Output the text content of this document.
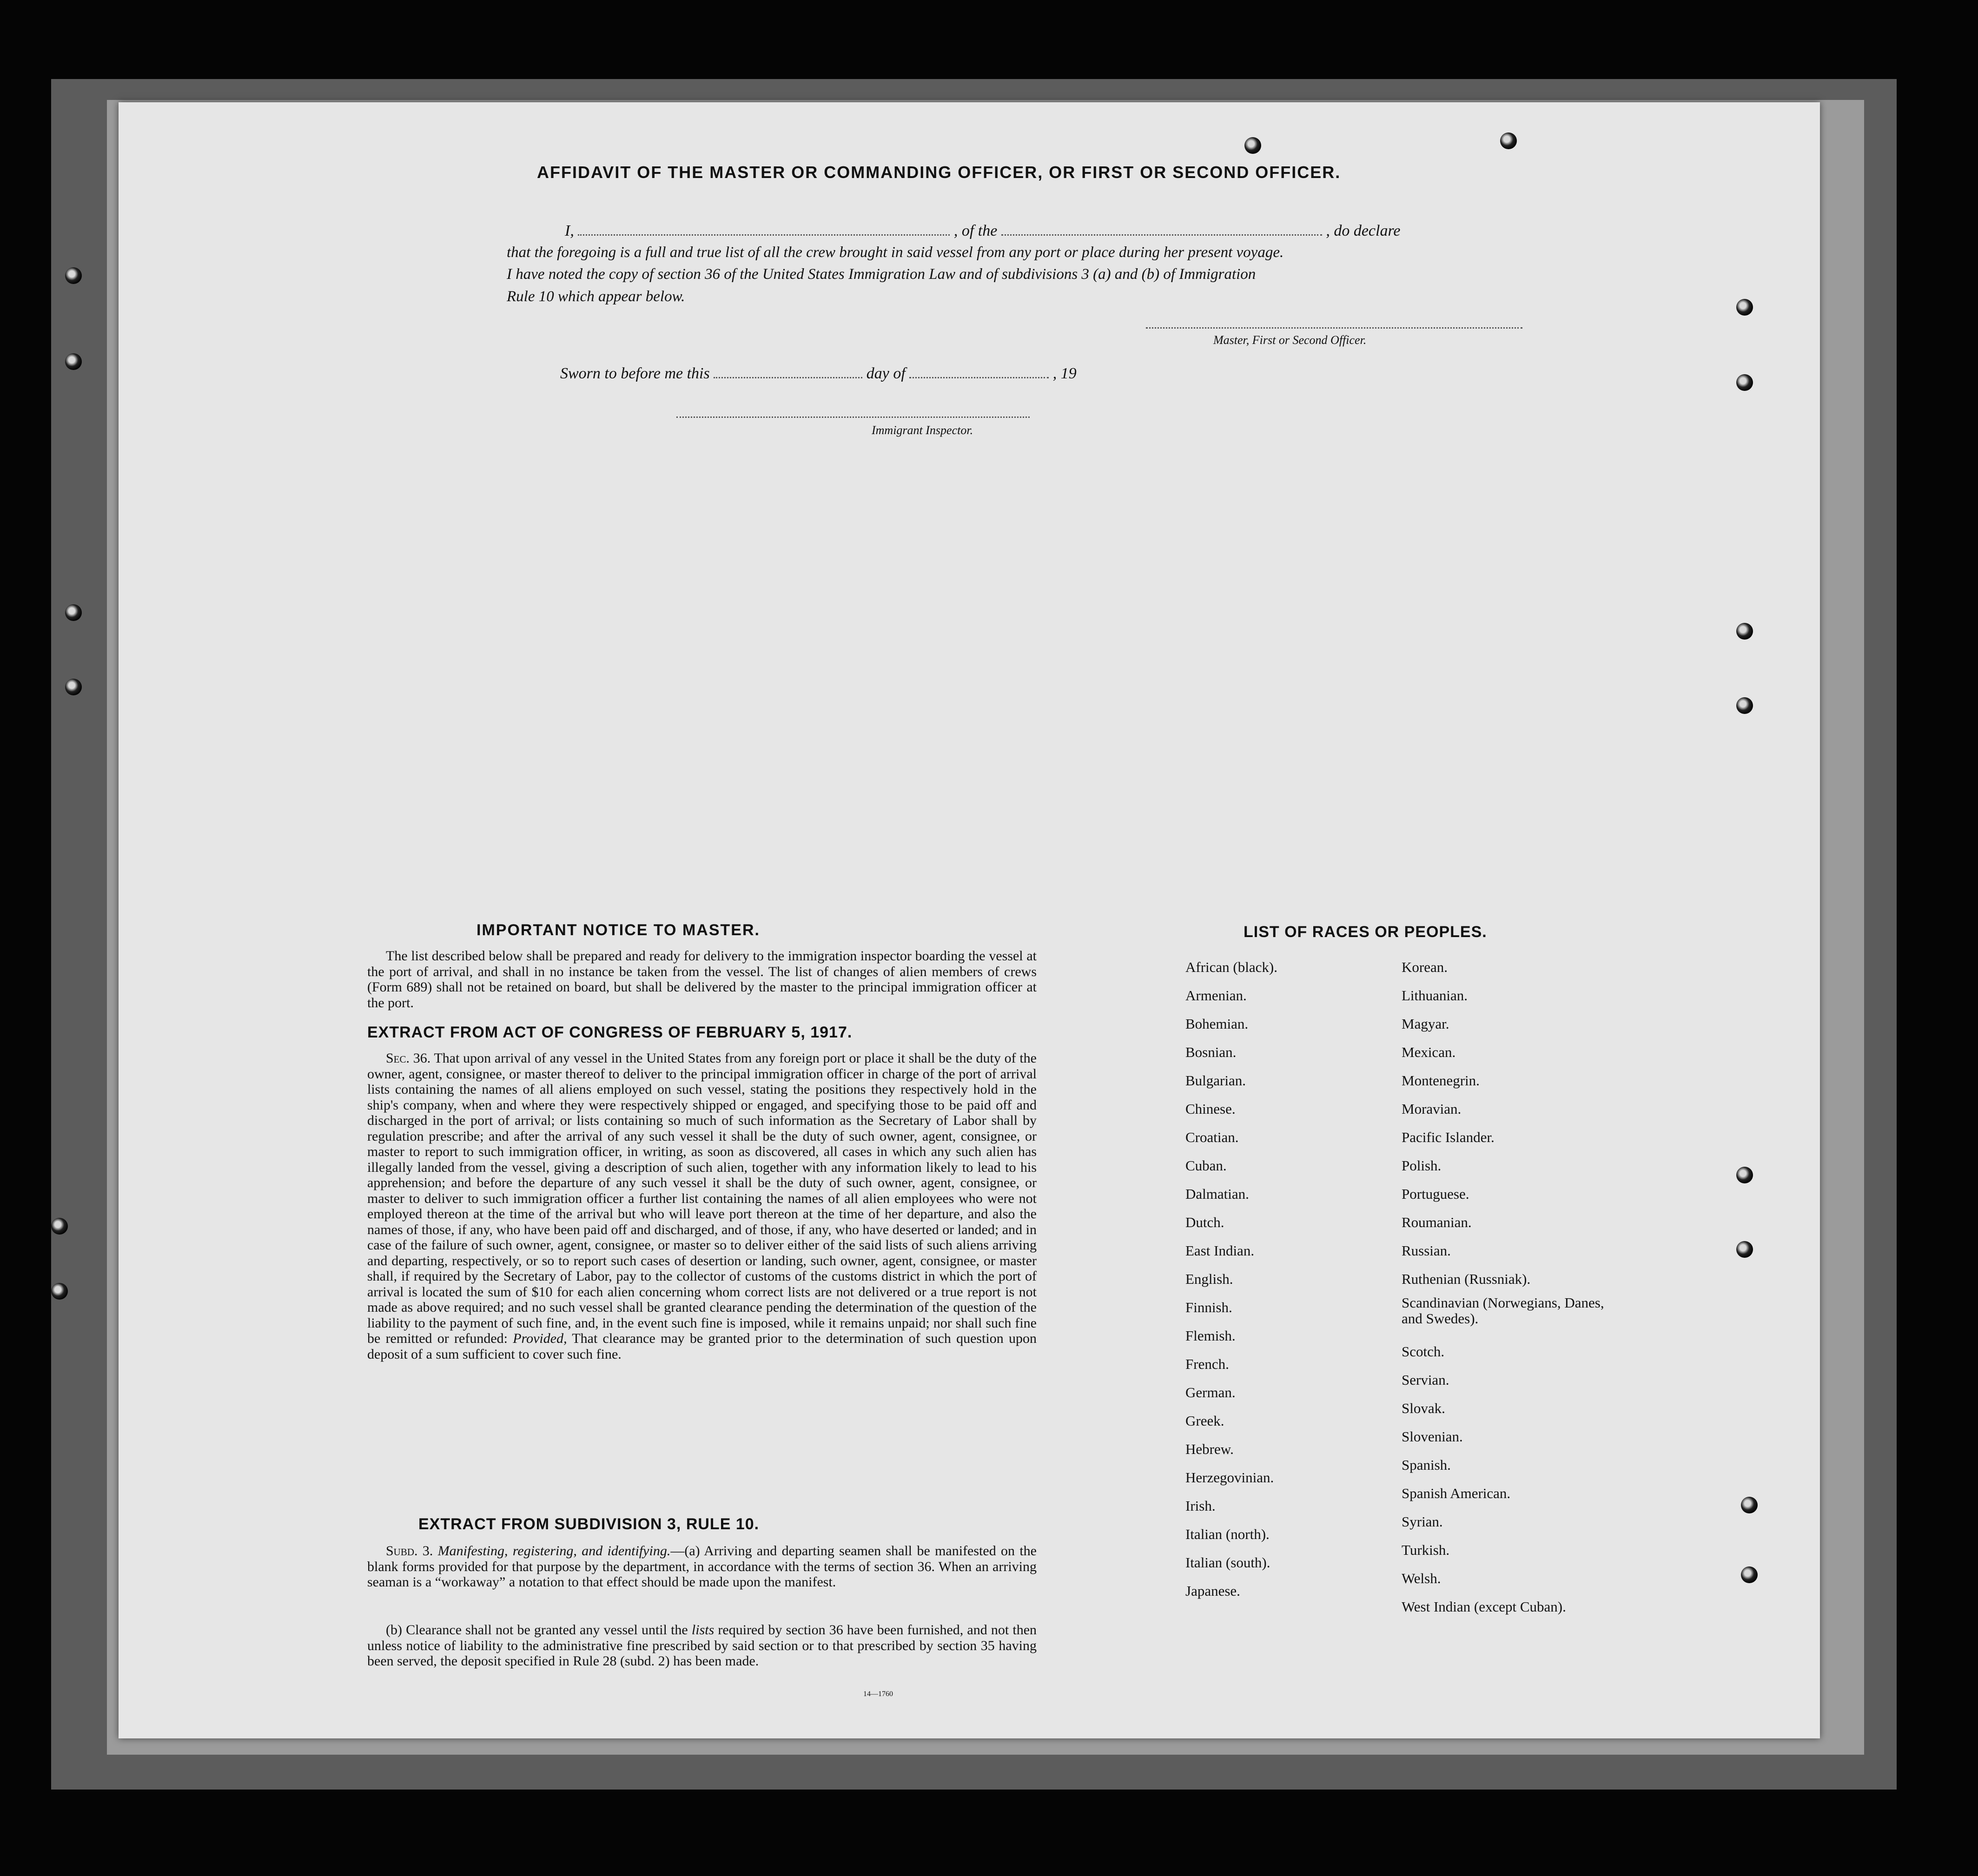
AFFIDAVIT OF THE MASTER OR COMMANDING OFFICER, OR FIRST OR SECOND OFFICER.
I,	, of the	, do declare
that the foregoing is a full and true list of all the crew brought in said vessel from any port or place during her present voyage.
I have noted the copy of section 36 of the United States Immigration Law and of subdivisions 3 (a) and (b) of Immigration
Rule 10 which appear below.
Master, First or Second Officer.
Sworn to before me this	day of	, 19
Immigrant Inspector.
IMPORTANT NOTICE TO MASTER.

The list described below shall be prepared and ready for delivery to the immigration inspector boarding the vessel at the port of arrival, and shall in no instance be taken from the vessel. The list of changes of alien members of crews (Form 689) shall not be retained on board, but shall be delivered by the master to the principal immigration officer at the port.

EXTRACT FROM ACT OF CONGRESS OF FEBRUARY 5, 1917.

Sec. 36. That upon arrival of any vessel in the United States from any foreign port or place it shall be the duty of the owner, agent, consignee, or master thereof to deliver to the principal immigration officer in charge of the port of arrival lists containing the names of all aliens employed on such vessel, stating the positions they respectively hold in the ship's company, when and where they were respectively shipped or engaged, and specifying those to be paid off and discharged in the port of arrival; or lists containing so much of such information as the Secretary of Labor shall by regulation prescribe; and after the arrival of any such vessel it shall be the duty of such owner, agent, consignee, or master to report to such immigration officer, in writing, as soon as discovered, all cases in which any such alien has illegally landed from the vessel, giving a description of such alien, together with any information likely to lead to his apprehension; and before the departure of any such vessel it shall be the duty of such owner, agent, consignee, or master to deliver to such immigration officer a further list containing the names of all alien employees who were not employed thereon at the time of the arrival but who will leave port thereon at the time of her departure, and also the names of those, if any, who have been paid off and discharged, and of those, if any, who have deserted or landed; and in case of the failure of such owner, agent, consignee, or master so to deliver either of the said lists of such aliens arriving and departing, respectively, or so to report such cases of desertion or landing, such owner, agent, consignee, or master shall, if required by the Secretary of Labor, pay to the collector of customs of the customs district in which the port of arrival is located the sum of $10 for each alien concerning whom correct lists are not delivered or a true report is not made as above required; and no such vessel shall be granted clearance pending the determination of the question of the liability to the payment of such fine, and, in the event such fine is imposed, while it remains unpaid; nor shall such fine be remitted or refunded: Provided, That clearance may be granted prior to the determination of such question upon deposit of a sum sufficient to cover such fine.

EXTRACT FROM SUBDIVISION 3, RULE 10.

Subd. 3. Manifesting, registering, and identifying.—(a) Arriving and departing seamen shall be manifested on the blank forms provided for that purpose by the department, in accordance with the terms of section 36. When an arriving seaman is a “workaway” a notation to that effect should be made upon the manifest.

(b) Clearance shall not be granted any vessel until the lists required by section 36 have been furnished, and not then unless notice of liability to the administrative fine prescribed by said section or to that prescribed by section 35 having been served, the deposit specified in Rule 28 (subd. 2) has been made.

14—1760
LIST OF RACES OR PEOPLES.
African (black).
Armenian.
Bohemian.
Bosnian.
Bulgarian.
Chinese.
Croatian.
Cuban.
Dalmatian.
Dutch.
East Indian.
English.
Finnish.
Flemish.
French.
German.
Greek.
Hebrew.
Herzegovinian.
Irish.
Italian (north).
Italian (south).
Japanese.
Korean.
Lithuanian.
Magyar.
Mexican.
Montenegrin.
Moravian.
Pacific Islander.
Polish.
Portuguese.
Roumanian.
Russian.
Ruthenian (Russniak).
Scandinavian (Norwegians, Danes, and Swedes).
Scotch.
Servian.
Slovak.
Slovenian.
Spanish.
Spanish American.
Syrian.
Turkish.
Welsh.
West Indian (except Cuban).
